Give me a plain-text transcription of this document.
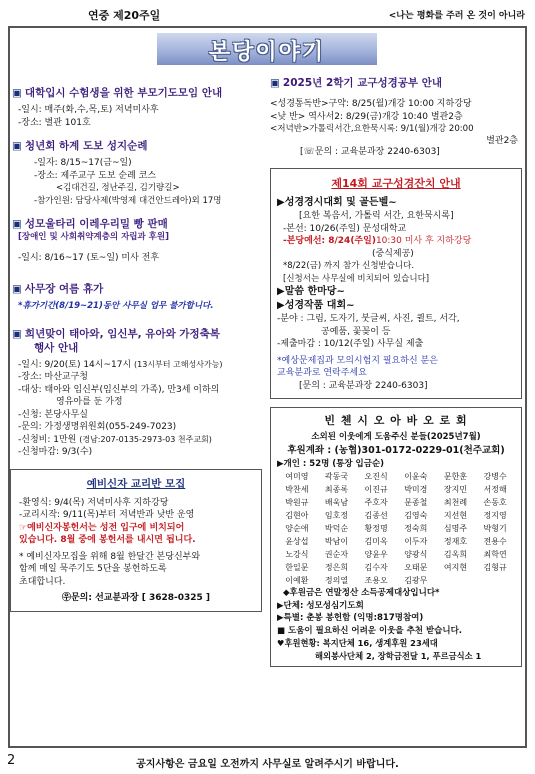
연중 제20주일	<나는 평화를 주러 온 것이 아니라
본당이야기
▣ 대학입시 수험생을 위한 부모기도모임 안내
-일시: 매주(화,수,목,토) 저녁미사후
-장소: 별관 101호
▣ 청년회 하계 도보 성지순례
-일자: 8/15~17(금~일)
-장소: 제주교구 도보 순례 코스
<김대건길, 정난주길, 김기량길>
-참가인원: 담당사제(박영제 대건안드레아)외 17명
▣ 성모울타리 이레우리밀 빵 판매
[장애인 및 사회취약계층의 자립과 후원]
-일시: 8/16~17 (토~일) 미사 전후
▣ 사무장 여름 휴가
*휴가기간(8/19~21)동안 사무실 업무 불가합니다.
▣ 희년맞이 태아와, 임신부, 유아와 가정축복
행사 안내
-일시: 9/20(토) 14시~17시 (13시부터 고해성사가능)
-장소: 마산교구청
-대상: 태아와 임신부(임신부의 가족), 만3세 이하의
영유아를 둔 가정
-신청: 본당사무실
-문의: 가정생명위원회(055-249-7023)
-신청비: 1만원 (경남:207-0135-2973-03 천주교회)
-신청마감: 9/3(수)
예비신자 교리반 모집
-환영식: 9/4(목) 저녁미사후 지하강당
-교리시작: 9/11(목)부터 저녁반과 낮반 운영
☞예비신자봉헌서는 성전 입구에 비치되어
있습니다. 8월 중에 봉헌서를 내시면 됩니다.
* 예비신자모집을 위해 8월 한달간 본당신부와
함께 매일 묵주기도 5단을 봉헌하도록
초대합니다.
㉾문의: 선교분과장 [ 3628-0325 ]
▣ 2025년 2학기 교구성경공부 안내
<성경통독반>구약: 8/25(월)개강 10:00 지하강당
<낮 반> 역사서2: 8/29(금)개강 10:40 별관2층
<저녁반>가톨릭서간,요한묵시록: 9/1(월)개강 20:00
별관2층
[☏문의 : 교육분과장 2240-6303]
제14회 교구성경잔치 안내
▶성경경시대회 및 골든벨~
[요한 복음서, 가톨릭 서간, 요한묵시록]
-본선: 10/26(주일) 문성대학교
-본당예선: 8/24(주일)10:30 미사 후 지하강당
(중식제공)
*8/22(금) 까지 참가 신청받습니다.
[신청서는 사무실에 비치되어 있습니다]
▶말씀 한마당~
▶성경작품 대회~
-분야 : 그림, 도자기, 붓글씨, 사진, 퀼트, 서각,
공예품, 꽃꽂이 등
-제출마감 : 10/12(주일) 사무실 제출
*예상문제집과 모의시험지 필요하신 분은
교육분과로 연락주세요
[문의 : 교육분과장 2240-6303]
빈 첸 시 오 아 바 오 로 회
소외된 이웃에게 도움주신 분들(2025년7월)
후원계좌 : (농협)301-0172-0229-01(천주교회)
▶개인 : 52명 (통장 입금순)
여미영	곽동국	오진식	이윤숙	문한훈	강병수
박찬세	최종록	이진규	박미경	장지민	서정해
박원규	배욱남	주호자	문종철	최천례	손동호
김현아	임호정	김종선	김영숙	지선현	정지영
양순애	박덕순	황정명	정숙희	심명주	박형기
윤상섭	박남이	김미옥	이두자	정재호	전용수
노강식	권순자	양윤우	양광식	김옥희	최학연
한일문	정은희	김수자	오태문	여지현	김형규
이예환	정의열	조용오	김광무		
◆후원금은 연말정산 소득공제대상입니다*
▶단체: 성모성심기도회
▶특별: 춘봉 봉헌함 (익명:817명참여)
■ 도움이 필요하신 어려운 이웃을 추천 받습니다.
♥후원현황: 복지단체 16, 생계후원 23세대
해외봉사단체 2, 장학금전달 1, 푸르금식소 1
2	공지사항은 금요일 오전까지 사무실로 알려주시기 바랍니다.
